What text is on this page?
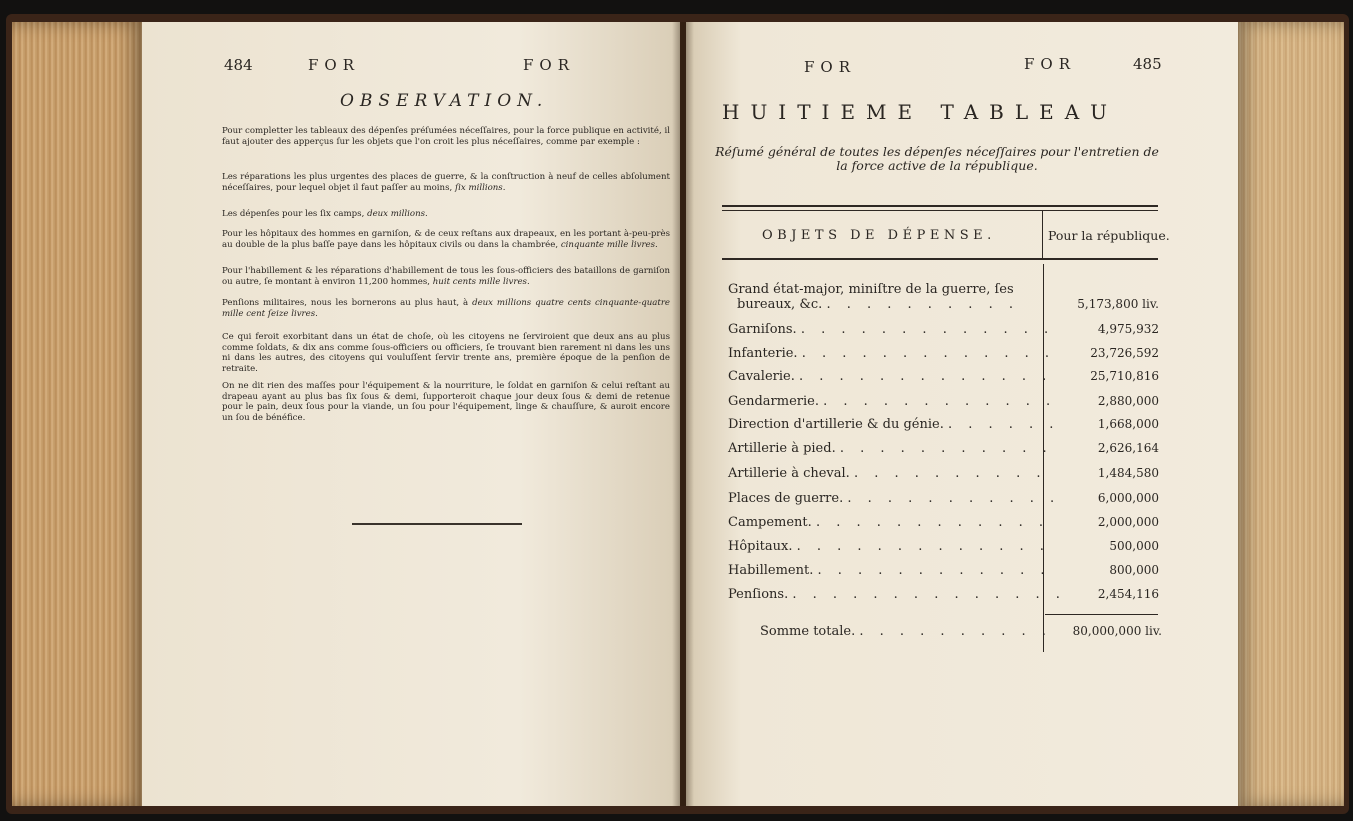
484	FOR	FOR
OBSERVATION.

Pour completter les tableaux des dépenſes préſumées néceſſaires, pour la force publique en activité, il faut ajouter des apperçus ſur les objets que l'on croit les plus néceſſaires, comme par exemple :

Les réparations les plus urgentes des places de guerre, & la conſtruction à neuf de celles abſolument néceſſaires, pour lequel objet il faut paſſer au moins, ſix millions.

Les dépenſes pour les ſix camps, deux millions.

Pour les hôpitaux des hommes en garniſon, & de ceux reſtans aux drapeaux, en les portant à-peu-près au double de la plus baſſe paye dans les hôpitaux civils ou dans la chambrée, cinquante mille livres.

Pour l'habillement & les réparations d'habillement de tous les ſous-officiers des bataillons de garniſon ou autre, ſe montant à environ 11,200 hommes, huit cents mille livres.

Penſions militaires, nous les bornerons au plus haut, à deux millions quatre cents cinquante-quatre mille cent ſeize livres.

Ce qui feroit exorbitant dans un état de choſe, où les citoyens ne ſerviroient que deux ans au plus comme ſoldats, & dix ans comme ſous-officiers ou officiers, ſe trouvant bien rarement ni dans les uns ni dans les autres, des citoyens qui vouluſſent ſervir trente ans, première époque de la penſion de retraite.

On ne dit rien des maſſes pour l'équipement & la nourriture, le ſoldat en garniſon & celui reſtant au drapeau ayant au plus bas ſix ſous & demi, ſupporteroit chaque jour deux ſous & demi de retenue pour le pain, deux ſous pour la viande, un ſou pour l'équipement, linge & chauſſure, & auroit encore un ſou de bénéfice.

FOR	FOR	485
HUITIEME TABLEAU

Réſumé général de toutes les dépenſes néceſſaires pour l'entretien de la force active de la république.

OBJETS DE DÉPENSE.	Pour la république.
Grand état-major, miniſtre de la guerre, ſes
bureaux, &c. . . . . . . . . . .	5,173,800 liv.
Garniſons. . . . . . . . . . . . . .	4,975,932
Infanterie. . . . . . . . . . . . . .	23,726,592
Cavalerie. . . . . . . . . . . . . .	25,710,816
Gendarmerie. . . . . . . . . . . . .	2,880,000
Direction d'artillerie & du génie. . . . . . .	1,668,000
Artillerie à pied. . . . . . . . . . . .	2,626,164
Artillerie à cheval. . . . . . . . . . .	1,484,580
Places de guerre. . . . . . . . . . . .	6,000,000
Campement. . . . . . . . . . . . .	2,000,000
Hôpitaux. . . . . . . . . . . . . .	500,000
Habillement. . . . . . . . . . . . .	800,000
Penſions. . . . . . . . . . . . . . .	2,454,116
Somme totale. . . . . . . . . . . 80,000,000 liv.
